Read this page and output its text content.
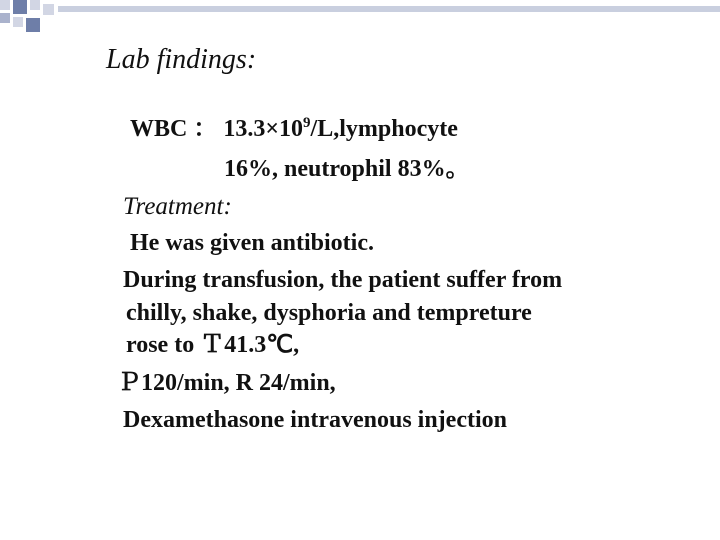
Lab findings:
WBC ： $13.3\times 10^9/L,lymphocyte$
16%, neutrophil 83%。
Treatment:
He was given antibiotic.
During transfusion, the patient suffer from
chilly, shake, dysphoria and tempreture
rose to Ｔ41.3℃,
Ｐ120/min, R 24/min,
Dexamethasone intravenous injection
